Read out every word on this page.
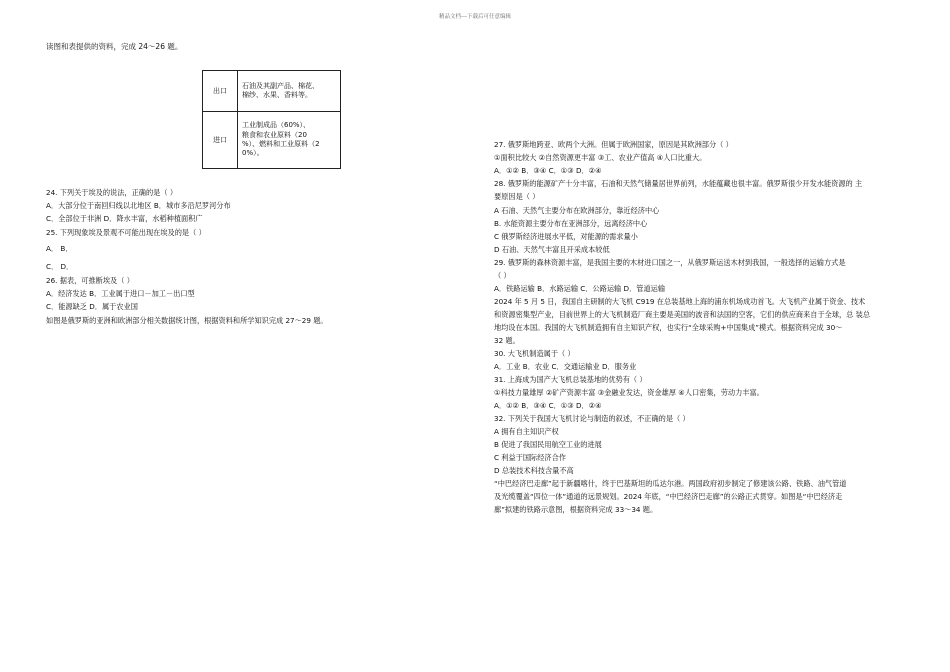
精品文档---下载后可任意编辑
读图和表提供的资料，完成 24～26 题。
出口	石油及其副产品、棉花、
棉纱、水果、香料等。

进口	工业制成品（60%）、
粮食和农业原料（20
%）、燃料和工业原料（2
0%）。
24. 下列关于埃及的说法，正确的是（ ）
A．大部分位于南回归线以北地区 B．城市多沿尼罗河分布
C．全部位于非洲 D．降水丰富，水稻种植面积广
25. 下列现象埃及景观不可能出现在埃及的是（ ）
A． B．
C． D．
26. 据表，可推断埃及（ ）
A．经济发达 B．工业属于进口－加工－出口型
C．能源缺乏 D．属于农业国
如图是俄罗斯的亚洲和欧洲部分相关数据统计图，根据资料和所学知识完成 27～29 题。
27. 俄罗斯地跨亚、欧两个大洲。但属于欧洲国家，原因是其欧洲部分（ ）
①面积比较大 ②自然资源更丰富 ③工、农业产值高 ④人口比重大。
A．①② B．③④ C．①③ D．②④
28. 俄罗斯的能源矿产十分丰富，石油和天然气储量居世界前列，水能蕴藏也很丰富。俄罗斯很少开发水能资源的 主
要原因是（ ）
A 石油、天然气主要分布在欧洲部分，靠近经济中心
B. 水能资源主要分布在亚洲部分，远离经济中心
C 俄罗斯经济进展水平低，对能源的需求量小
D 石油、天然气丰富且开采成本较低
29. 俄罗斯的森林资源丰富，是我国主要的木材进口国之一，从俄罗斯运送木材到我国，一般选择的运输方式是
（ ）
A．铁路运输 B．水路运输 C．公路运输 D．管道运输
2024 年 5 月 5 日，我国自主研制的大飞机 C919 在总装基地上海的浦东机场成功首飞。大飞机产业属于资金、技术
和资源密集型产业，目前世界上的大飞机制造厂商主要是美国的波音和法国的空客，它们的供应商来自于全球，总 装总
地均设在本国。我国的大飞机制造拥有自主知识产权，也实行“全球采购+中国集成”模式。根据资料完成 30～
32 题。
30. 大飞机制造属于（ ）
A．工业 B．农业 C．交通运输业 D．服务业
31. 上海成为国产大飞机总装基地的优势有（ ）
①科技力量雄厚 ②矿产资源丰富 ③金融业发达，资金雄厚 ④人口密集，劳动力丰富。
A．①② B．③④ C．①③ D．②④
32. 下列关于我国大飞机讨论与制造的叙述，不正确的是（ ）
A 拥有自主知识产权
B 促进了我国民用航空工业的进展
C 利益于国际经济合作
D 总装技术科技含量不高
“中巴经济巴走廊”起于新疆喀什，终于巴基斯坦的瓜达尔港。两国政府初步制定了修建该公路、铁路、油气管道
及光缆覆盖“四位一体”通道的远景规划。2024 年底，“中巴经济巴走廊”的公路正式贯穿。如图是“中巴经济走
廊”拟建的铁路示意图，根据资料完成 33～34 题。
